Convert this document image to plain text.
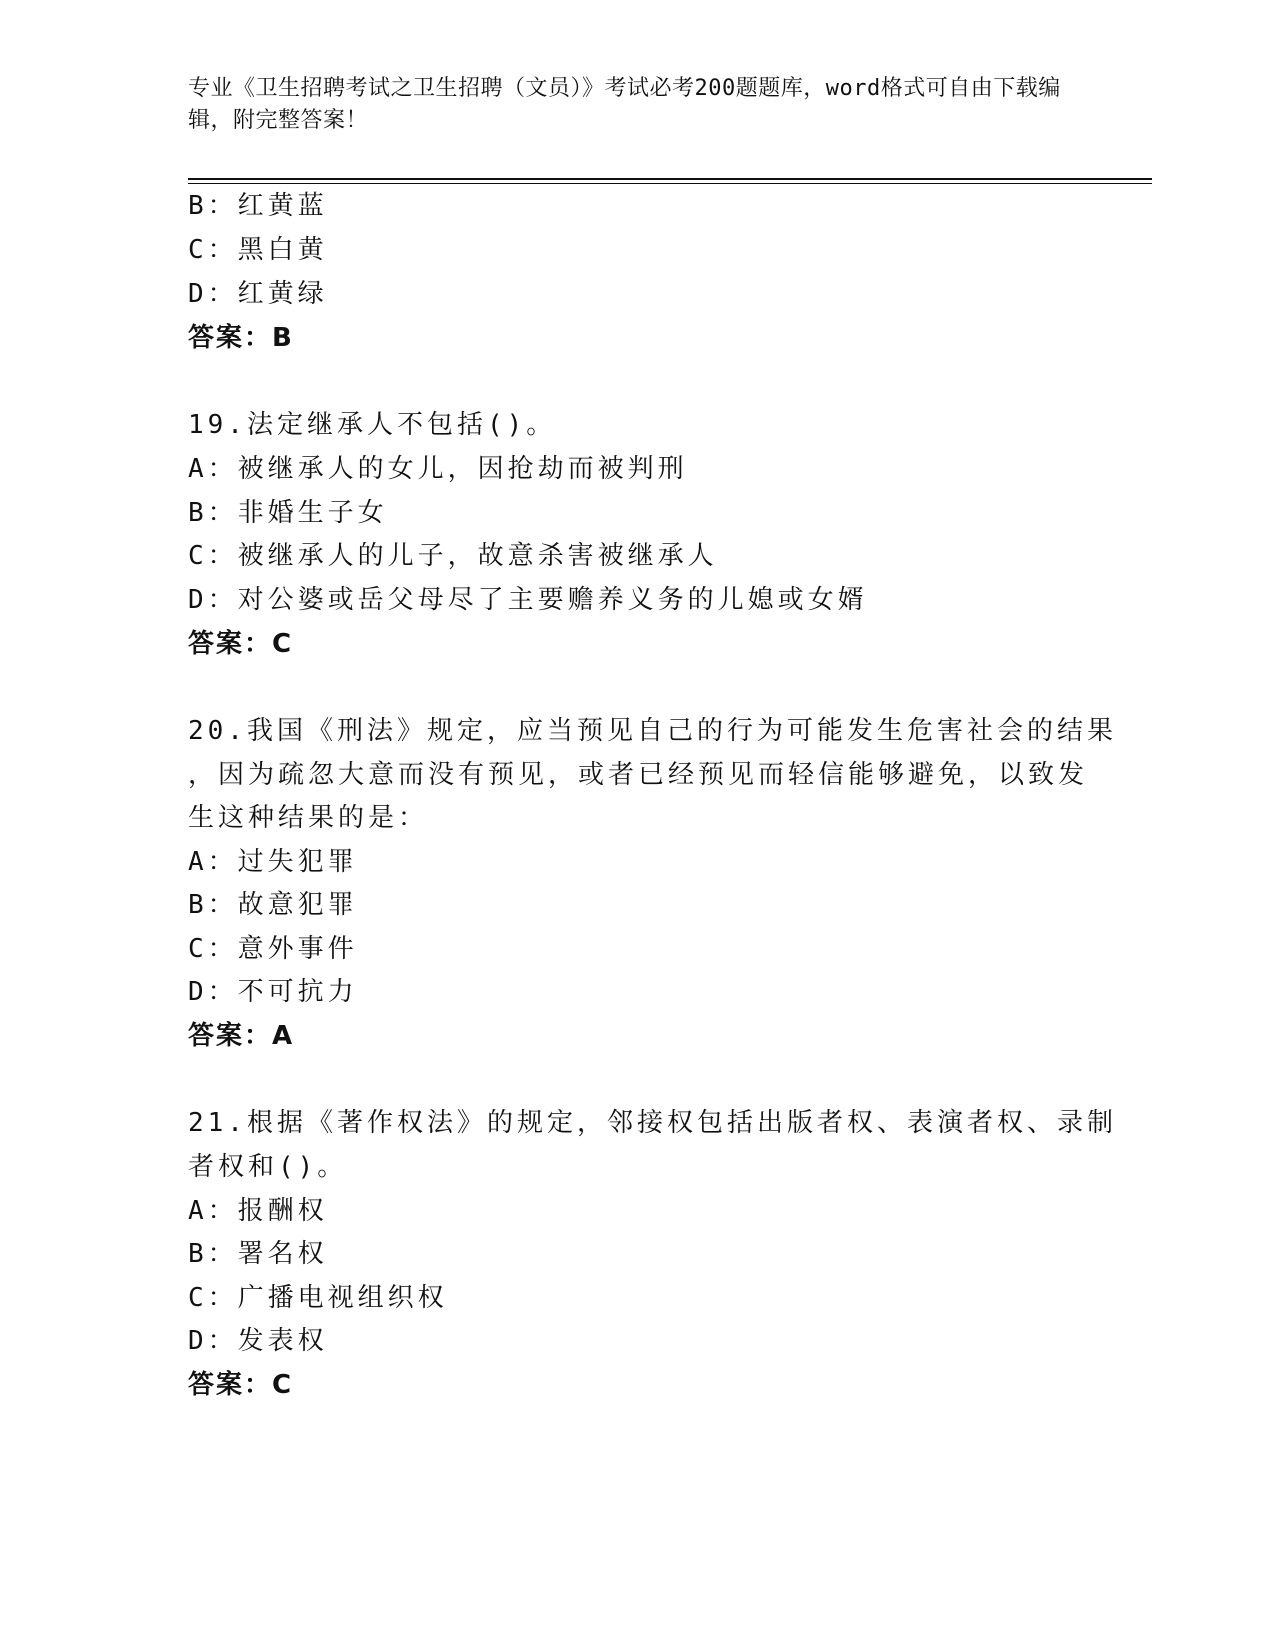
专业《卫生招聘考试之卫生招聘（文员）》考试必考200题题库，word格式可自由下载编辑，附完整答案！
B：红黄蓝
C：黑白黄
D：红黄绿
答案：B
19.法定继承人不包括()。
A：被继承人的女儿，因抢劫而被判刑
B：非婚生子女
C：被继承人的儿子，故意杀害被继承人
D：对公婆或岳父母尽了主要赡养义务的儿媳或女婿
答案：C
20.我国《刑法》规定，应当预见自己的行为可能发生危害社会的结果
，因为疏忽大意而没有预见，或者已经预见而轻信能够避免，以致发
生这种结果的是：
A：过失犯罪
B：故意犯罪
C：意外事件
D：不可抗力
答案：A
21.根据《著作权法》的规定，邻接权包括出版者权、表演者权、录制
者权和()。
A：报酬权
B：署名权
C：广播电视组织权
D：发表权
答案：C
